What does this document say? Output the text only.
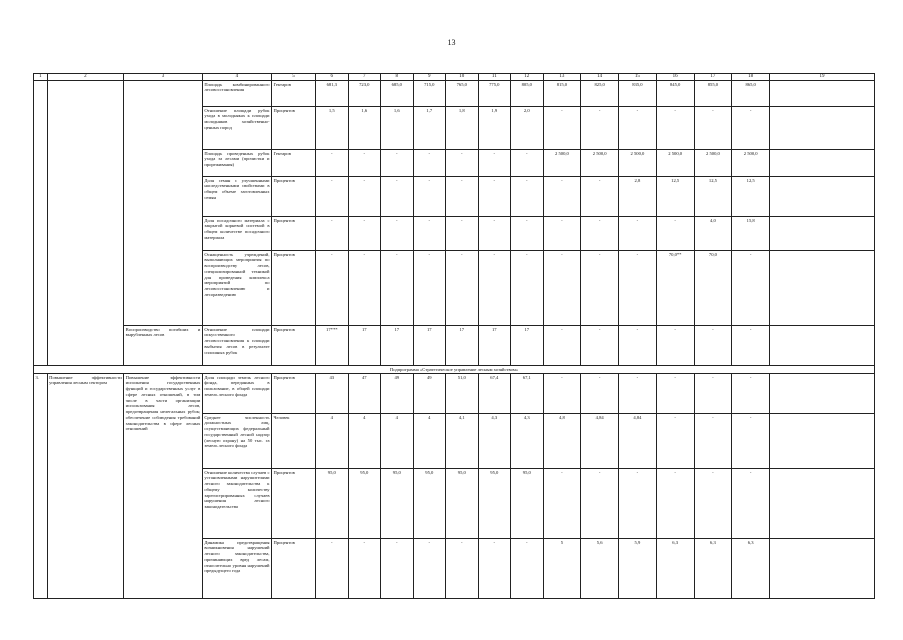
13
1	2	3	4	5	6	7	8	9	10	11	12	13	14	15	16	17	18	19
			Площадь комбинированного лесовосстановления	Гектаров	681,3	723,0	685,0	715,0	765,0	775,0	805,0	815,0	825,0	835,0	845,0	855,0	865,0	
			Отношение площади рубок ухода в молодняках к площади молодняков хозяйственно-ценных пород	Процентов	1,5	1,6	1,6	1,7	1,8	1,9	2,0	-	-	-	-	-	-	
			Площадь проведенных рубок ухода за лесами (прочистки и прореживания)	Гектаров	-	-	-	-	-	-	-	2 500,0	2 500,0	2 500,0	2 500,0	2 500,0	2 500,0	
			Доля семян с улучшенными наследственными свойствами в общем объеме заготовленных семян	Процентов	-	-	-	-	-	-	-	-	-	2,8	12,5	12,5	12,5	
			Доля посадочного материала с закрытой корневой системой в общем количестве посадочного материала	Процентов	-	-	-	-	-	-	-	-	-	-	-	4,0	15,8	
			Оснащенность учреждений, выполняющих мероприятия по воспроизводству лесов, специализированной техникой для проведения комплекса мероприятий по лесовосстановлению и лесоразведению	Процентов	-	-	-	-	-	-	-	-	-	-	70,0**	70,0	-	
		Воспроизводство погибших и вырубленных лесов	Отношение площади искусственного лесовосстановления к площади выбытия лесов в результате сплошных рубок	Процентов	17***	17	17	17	17	17	17	-	-	-	-	-	-	
Подпрограмма «Стратегическое управление лесным хозяйством»																		
3.	Повышение эффективности управления лесным сектором	Повышение эффективности исполнения государственных функций и государственных услуг в сфере лесных отношений, в том числе в части организации использования лесов, предотвращения нелегальных рубок; обеспечение соблюдения требований законодательства в сфере лесных отношений	Доля площади земель лесного фонда, переданных в пользование, в общей площади земель лесного фонда	Процентов	43	47	49	49	51,0	67,4	67,1	-	-	-	-	-	-	
			Среднее численность должностных лиц, осуществляющих федеральный государственный лесной надзор (лесную охрану) на 50 тыс. га земель лесного фонда	Человек	4	4	4	4	4,1	4,3	4,3	4,8	4,84	4,84	-	-	-	
			Отношение количества случаев с установленными нарушителями лесного законодательства к общему количеству зарегистрированных случаев нарушения лесного законодательства	Процентов	95,0	95,0	95,0	95,0	95,0	95,0	95,0	-	-	-	-	-	-	
			Динамика предотвращения возникновения нарушений лесного законодательства, причиняющих вред лесам, относительно уровня нарушений предыдущего года	Процентов	-	-	-	-	-	-	-	5	5,6	5,9	6,3	6,3	6,3	
